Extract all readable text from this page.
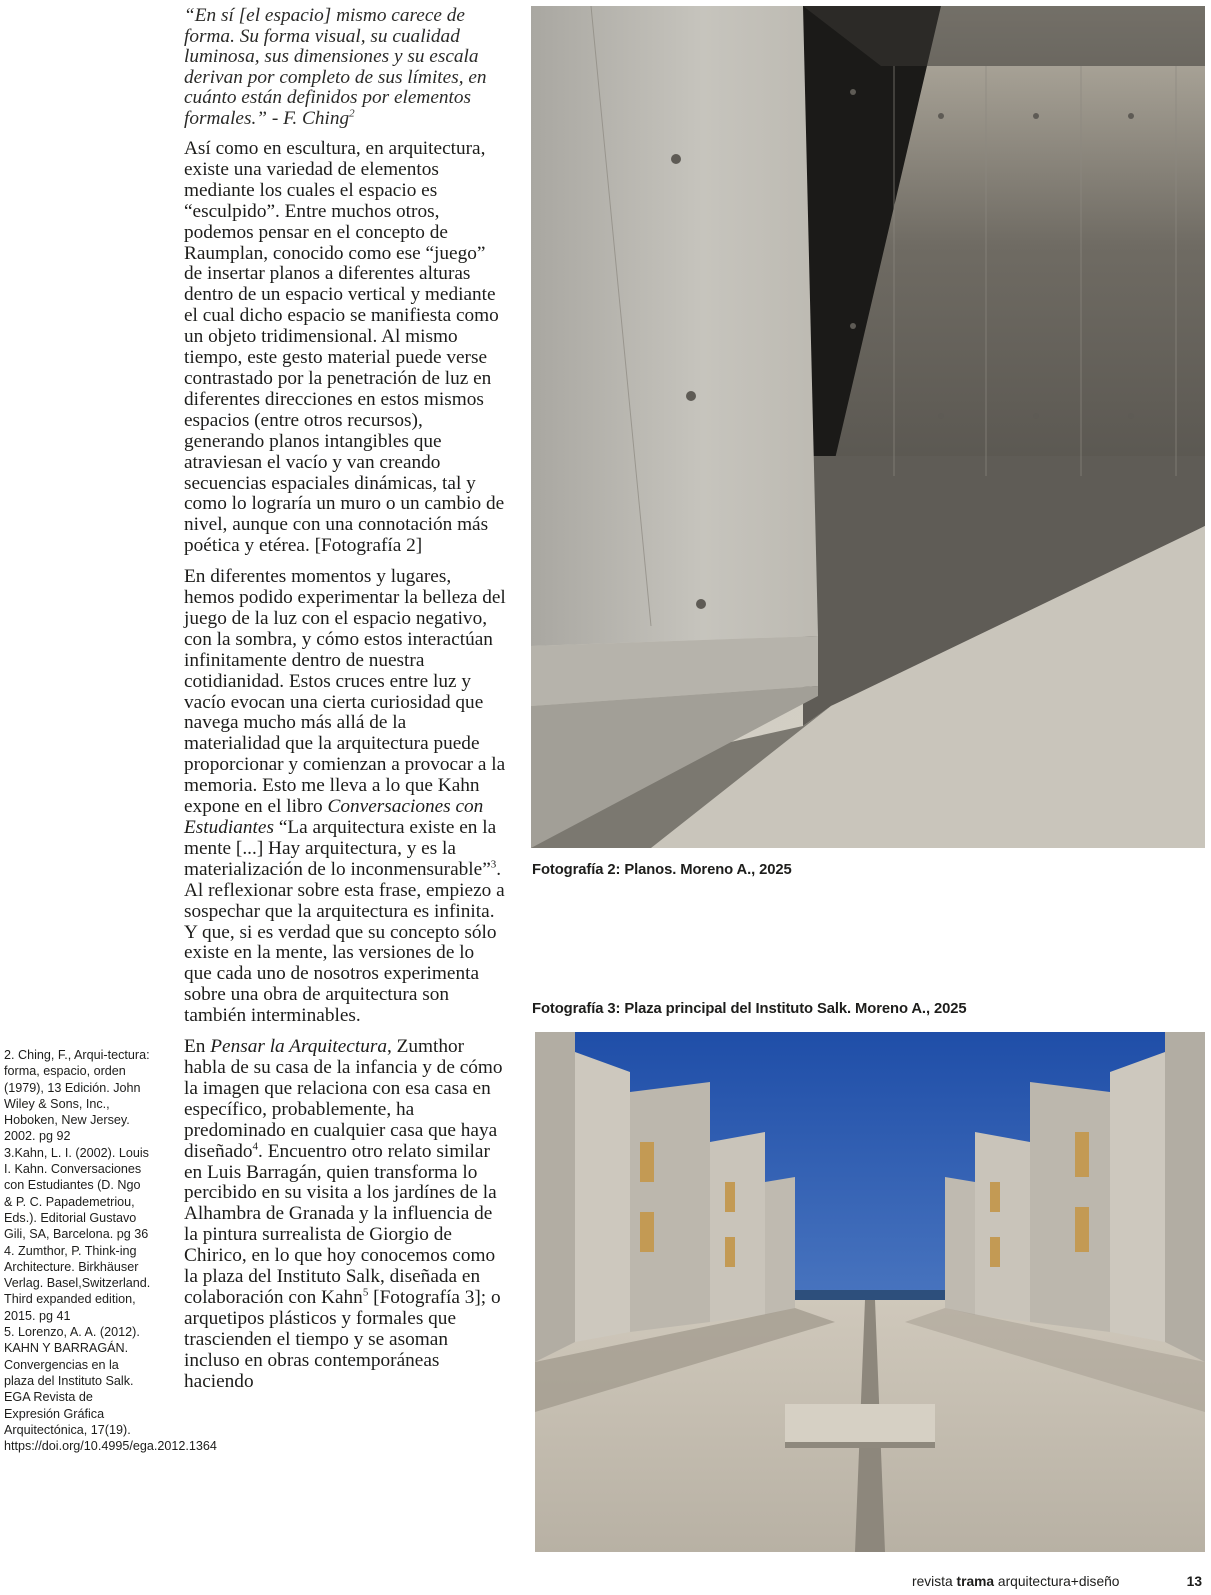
“En sí [el espacio] mismo carece de forma. Su forma visual, su cualidad luminosa, sus dimensiones y su escala derivan por completo de sus límites, en cuánto están definidos por elementos formales.” - F. Ching$^2$

Así como en escultura, en arquitectura, existe una variedad de elementos mediante los cuales el espacio es “esculpido”. Entre muchos otros, podemos pensar en el concepto de Raumplan, conocido como ese “juego” de insertar planos a diferentes alturas dentro de un espacio vertical y mediante el cual dicho espacio se manifiesta como un objeto tridimensional. Al mismo tiempo, este gesto material puede verse contrastado por la penetración de luz en diferentes direcciones en estos mismos espacios (entre otros recursos), generando planos intangibles que atraviesan el vacío y van creando secuencias espaciales dinámicas, tal y como lo lograría un muro o un cambio de nivel, aunque con una connotación más poética y etérea. [Fotografía 2]

En diferentes momentos y lugares, hemos podido experimentar la belleza del juego de la luz con el espacio negativo, con la sombra, y cómo estos interactúan infinitamente dentro de nuestra cotidianidad. Estos cruces entre luz y vacío evocan una cierta curiosidad que navega mucho más allá de la materialidad que la arquitectura puede proporcionar y comienzan a provocar a la memoria. Esto me lleva a lo que Kahn expone en el libro Conversaciones con Estudiantes “La arquitectura existe en la mente [...] Hay arquitectura, y es la materialización de lo inconmensurable”$^3$. Al reflexionar sobre esta frase, empiezo a sospechar que la arquitectura es infinita. Y que, si es verdad que su concepto sólo existe en la mente, las versiones de lo que cada uno de nosotros experimenta sobre una obra de arquitectura son también interminables.

En Pensar la Arquitectura, Zumthor habla de su casa de la infancia y de cómo la imagen que relaciona con esa casa en específico, probablemente, ha predominado en cualquier casa que haya diseñado$^4$. Encuentro otro relato similar en Luis Barragán, quien transforma lo percibido en su visita a los jardínes de la Alhambra de Granada y la influencia de la pintura surrealista de Giorgio de Chirico, en lo que hoy conocemos como la plaza del Instituto Salk, diseñada en colaboración con Kahn$^5$ [Fotografía 3]; o arquetipos plásticos y formales que trascienden el tiempo y se asoman incluso en obras contemporáneas haciendo

2. Ching, F., Arqui-tectura: forma, espacio, orden (1979), 13 Edición. John Wiley & Sons, Inc., Hoboken, New Jersey. 2002. pg 92

3.Kahn, L. I. (2002). Louis I. Kahn. Conversaciones con Estudiantes (D. Ngo & P. C. Papademetriou, Eds.). Editorial Gustavo Gili, SA, Barcelona. pg 36

4. Zumthor, P. Think-ing Architecture. Birkhäuser Verlag. Basel,Switzerland. Third expanded edition, 2015. pg 41

5. Lorenzo, A. A. (2012). KAHN Y BARRAGÁN. Convergencias en la plaza del Instituto Salk. EGA Revista de Expresión Gráfica Arquitectónica, 17(19). https://doi.org/10.4995/ega.2012.1364

Fotografía 2: Planos. Moreno A., 2025
Fotografía 3: Plaza principal del Instituto Salk. Moreno A., 2025
revista trama arquitectura+diseño	13
